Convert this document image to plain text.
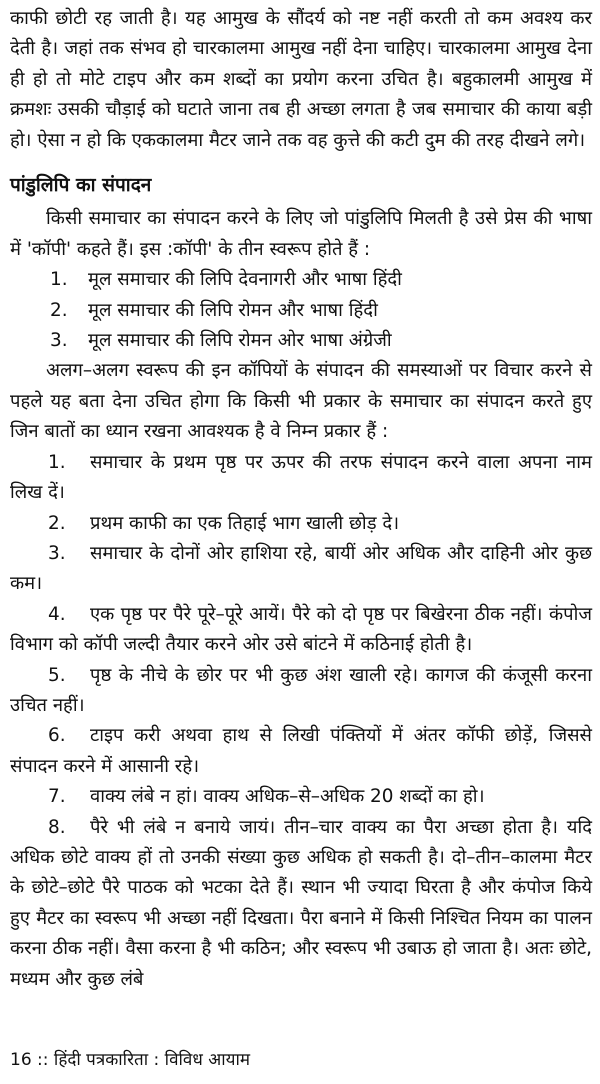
काफी छोटी रह जाती है। यह आमुख के सौंदर्य को नष्ट नहीं करती तो कम अवश्य कर देती है। जहां तक संभव हो चारकालमा आमुख नहीं देना चाहिए। चारकालमा आमुख देना ही हो तो मोटे टाइप और कम शब्दों का प्रयोग करना उचित है। बहुकालमी आमुख में क्रमशः उसकी चौड़ाई को घटाते जाना तब ही अच्छा लगता है जब समाचार की काया बड़ी हो। ऐसा न हो कि एककालमा मैटर जाने तक वह कुत्ते की कटी दुम की तरह दीखने लगे।

पांडुलिपि का संपादन

किसी समाचार का संपादन करने के लिए जो पांडुलिपि मिलती है उसे प्रेस की भाषा में 'कॉपी' कहते हैं। इस :कॉपी' के तीन स्वरूप होते हैं :

1. मूल समाचार की लिपि देवनागरी और भाषा हिंदी

2. मूल समाचार की लिपि रोमन और भाषा हिंदी

3. मूल समाचार की लिपि रोमन ओर भाषा अंग्रेजी

अलग–अलग स्वरूप की इन कॉपियों के संपादन की समस्याओं पर विचार करने से पहले यह बता देना उचित होगा कि किसी भी प्रकार के समाचार का संपादन करते हुए जिन बातों का ध्यान रखना आवश्यक है वे निम्न प्रकार हैं :

1. समाचार के प्रथम पृष्ठ पर ऊपर की तरफ संपादन करने वाला अपना नाम लिख दें।

2. प्रथम काफी का एक तिहाई भाग खाली छोड़ दे।

3. समाचार के दोनों ओर हाशिया रहे, बायीं ओर अधिक और दाहिनी ओर कुछ कम।

4. एक पृष्ठ पर पैरे पूरे–पूरे आयें। पैरे को दो पृष्ठ पर बिखेरना ठीक नहीं। कंपोज विभाग को कॉपी जल्दी तैयार करने ओर उसे बांटने में कठिनाई होती है।

5. पृष्ठ के नीचे के छोर पर भी कुछ अंश खाली रहे। कागज की कंजूसी करना उचित नहीं।

6. टाइप करी अथवा हाथ से लिखी पंक्तियों में अंतर कॉफी छोड़ें, जिससे संपादन करने में आसानी रहे।

7. वाक्य लंबे न हां। वाक्य अधिक–से–अधिक 20 शब्दों का हो।

8. पैरे भी लंबे न बनाये जायं। तीन–चार वाक्य का पैरा अच्छा होता है। यदि अधिक छोटे वाक्य हों तो उनकी संख्या कुछ अधिक हो सकती है। दो–तीन–कालमा मैटर के छोटे–छोटे पैरे पाठक को भटका देते हैं। स्थान भी ज्यादा घिरता है और कंपोज किये हुए मैटर का स्वरूप भी अच्छा नहीं दिखता। पैरा बनाने में किसी निश्चित नियम का पालन करना ठीक नहीं। वैसा करना है भी कठिन; और स्वरूप भी उबाऊ हो जाता है। अतः छोटे, मध्यम और कुछ लंबे

16 :: हिंदी पत्रकारिता : विविध आयाम
